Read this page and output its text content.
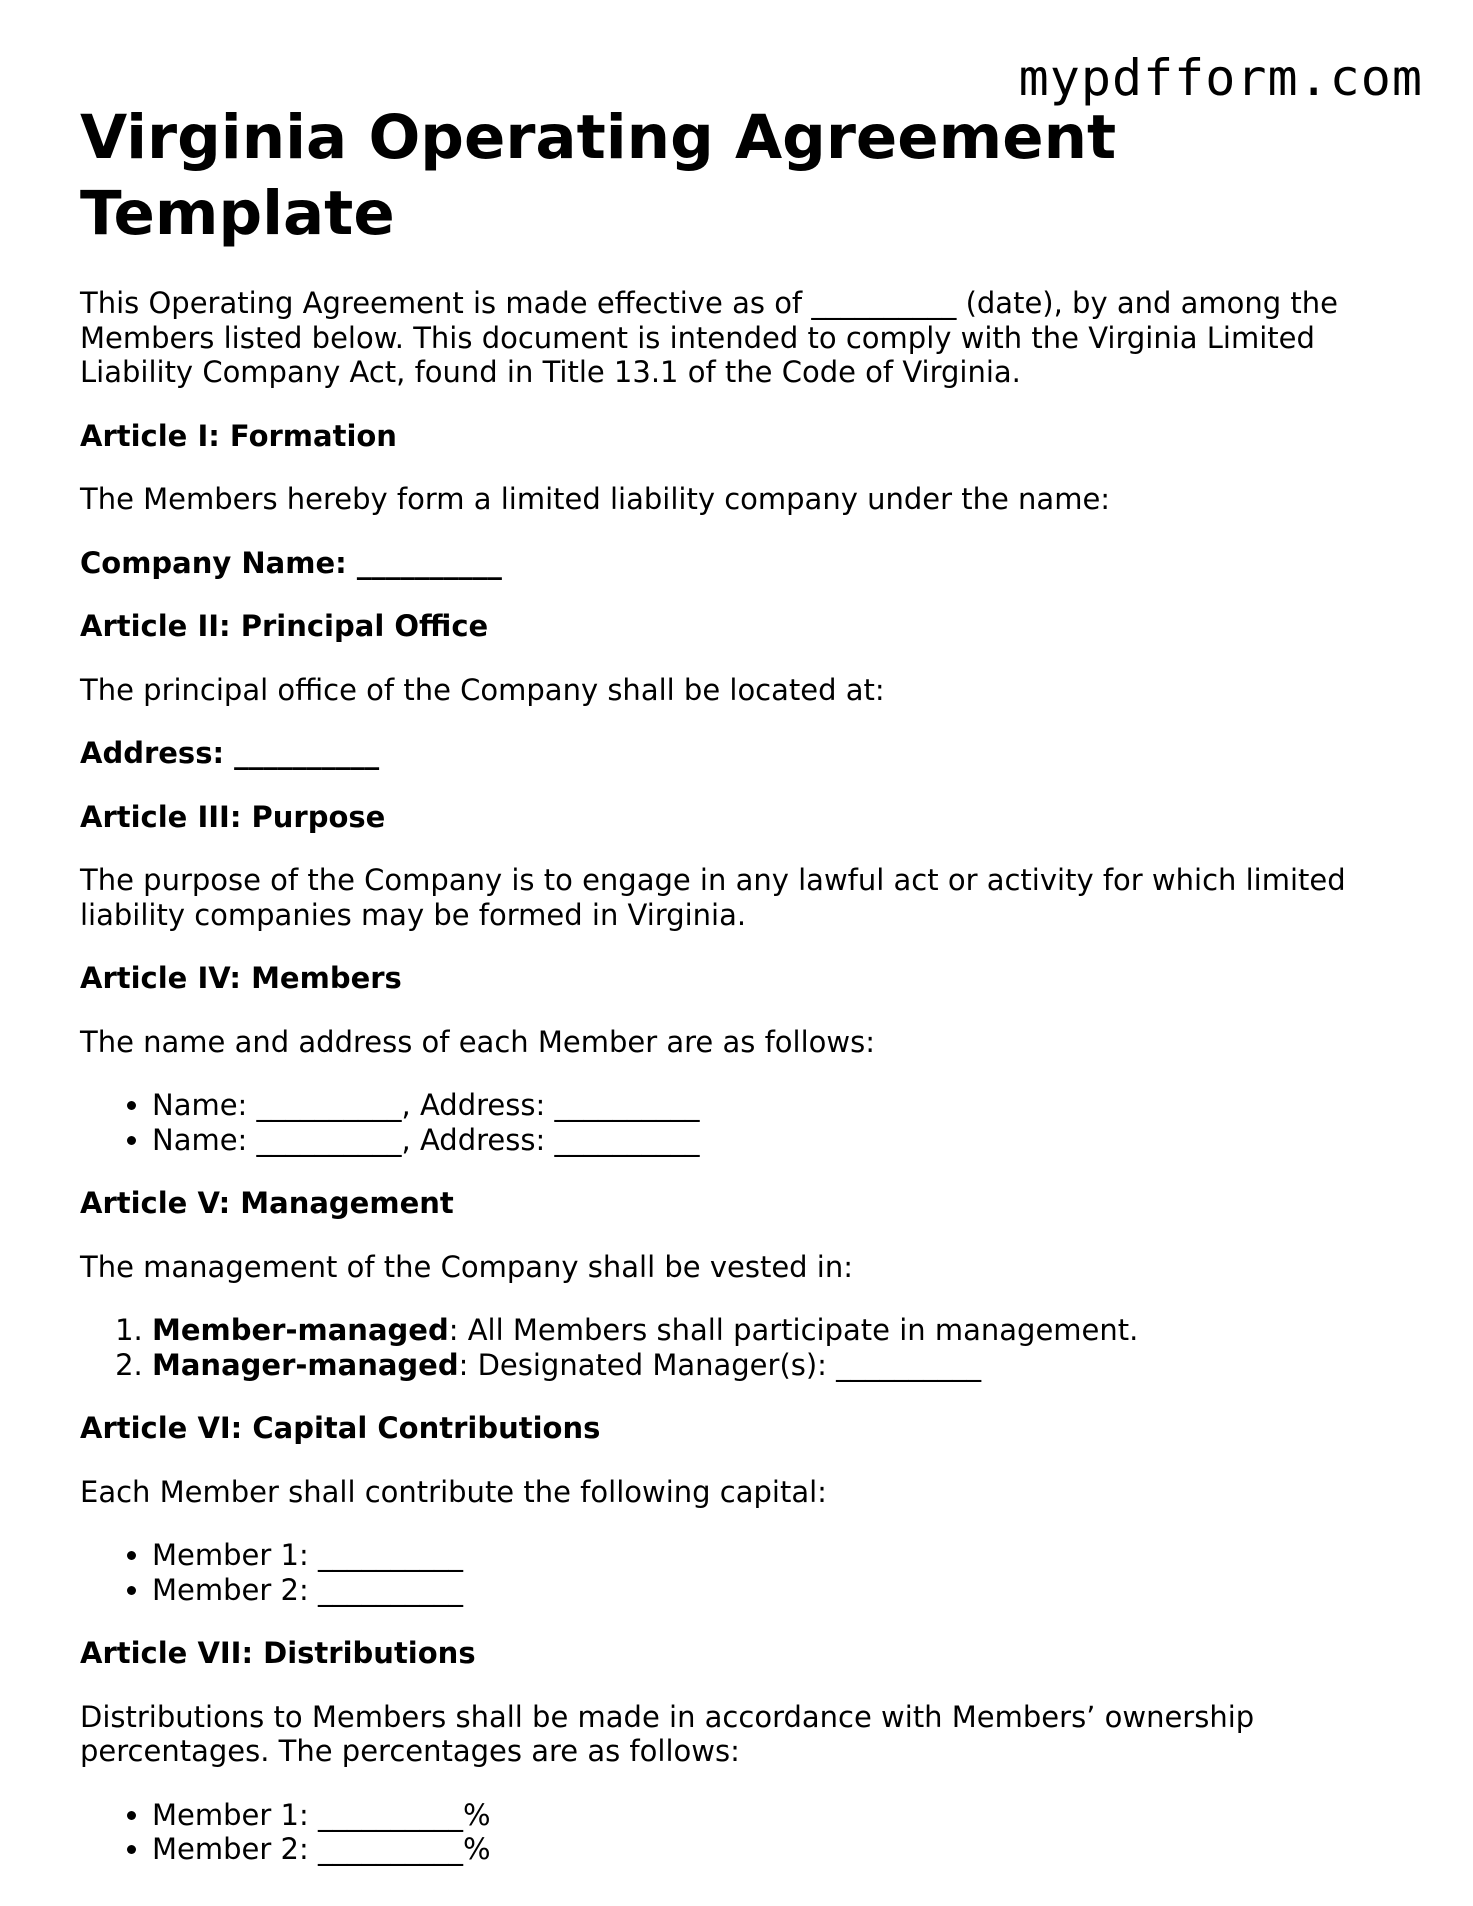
mypdfform.com
Virginia Operating Agreement Template

This Operating Agreement is made effective as of __________ (date), by and among the Members listed below. This document is intended to comply with the Virginia Limited Liability Company Act, found in Title 13.1 of the Code of Virginia.

Article I: Formation

The Members hereby form a limited liability company under the name:

Company Name: __________
Article II: Principal Office

The principal office of the Company shall be located at:

Address: __________
Article III: Purpose

The purpose of the Company is to engage in any lawful act or activity for which limited liability companies may be formed in Virginia.

Article IV: Members

The name and address of each Member are as follows:

• Name: __________, Address: __________
• Name: __________, Address: __________
Article V: Management

The management of the Company shall be vested in:

1. Member-managed: All Members shall participate in management.
2. Manager-managed: Designated Manager(s): __________
Article VI: Capital Contributions

Each Member shall contribute the following capital:

• Member 1: __________
• Member 2: __________
Article VII: Distributions

Distributions to Members shall be made in accordance with Members’ ownership percentages. The percentages are as follows:

• Member 1: __________%
• Member 2: __________%
